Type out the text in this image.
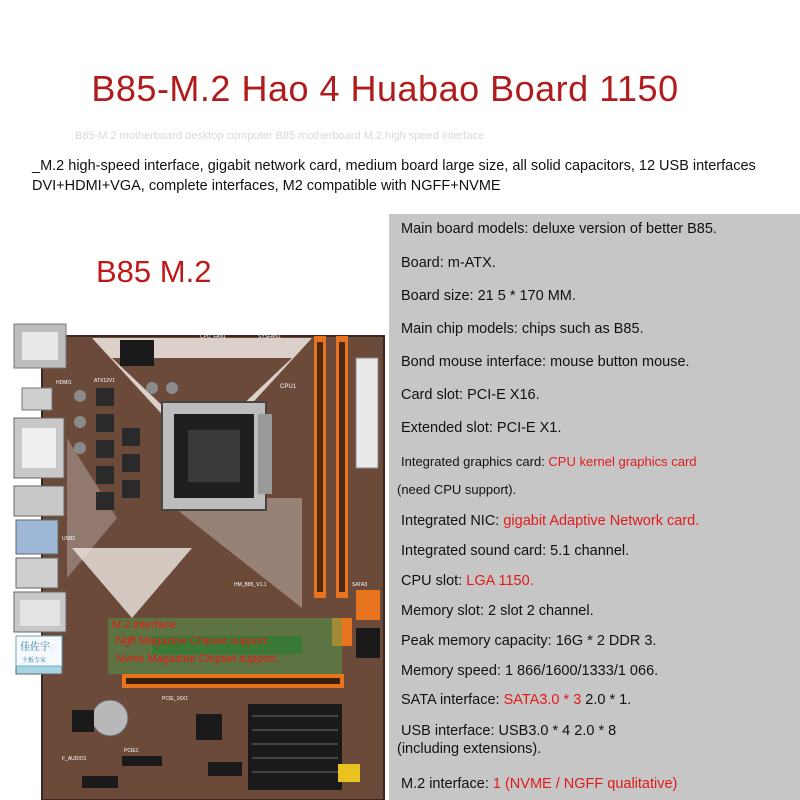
B85-M.2 Hao 4 Huabao Board 1150
B85-M.2 motherboard desktop computer B85 motherboard M.2 high speed interface
_M.2 high-speed interface, gigabit network card, medium board large size, all solid capacitors, 12 USB interfaces DVI+HDMI+VGA, complete interfaces, M2 compatible with NGFF+NVME
ATX12V1
CPU_FAN1	SYSFAN1
CPU1
HDMI1
USB2
HM_B85_V1.1	SATA3
PCIE_16X1
PCIE1
F_AUDIO1
M.2 interface
Ngff Magazine Chipset support.
Nvme Magazine Chipset support.
佳佐宇
主板专家
B85 M.2
Main board models: deluxe version of better B85.
Board: m-ATX.
Board size: 21 5 * 170 MM.
Main chip models: chips such as B85.
Bond mouse interface: mouse button mouse.
Card slot: PCI-E X16.
Extended slot: PCI-E X1.
Integrated graphics card: CPU kernel graphics card
(need CPU support).
Integrated NIC: gigabit Adaptive Network card.
Integrated sound card: 5.1 channel.
CPU slot: LGA 1150.
Memory slot: 2 slot 2 channel.
Peak memory capacity: 16G * 2 DDR 3.
Memory speed: 1 866/1600/1333/1 066.
SATA interface: SATA3.0 * 3 2.0 * 1.
USB interface: USB3.0 * 4 2.0 * 8
(including extensions).
M.2 interface: 1 (NVME / NGFF qualitative)
